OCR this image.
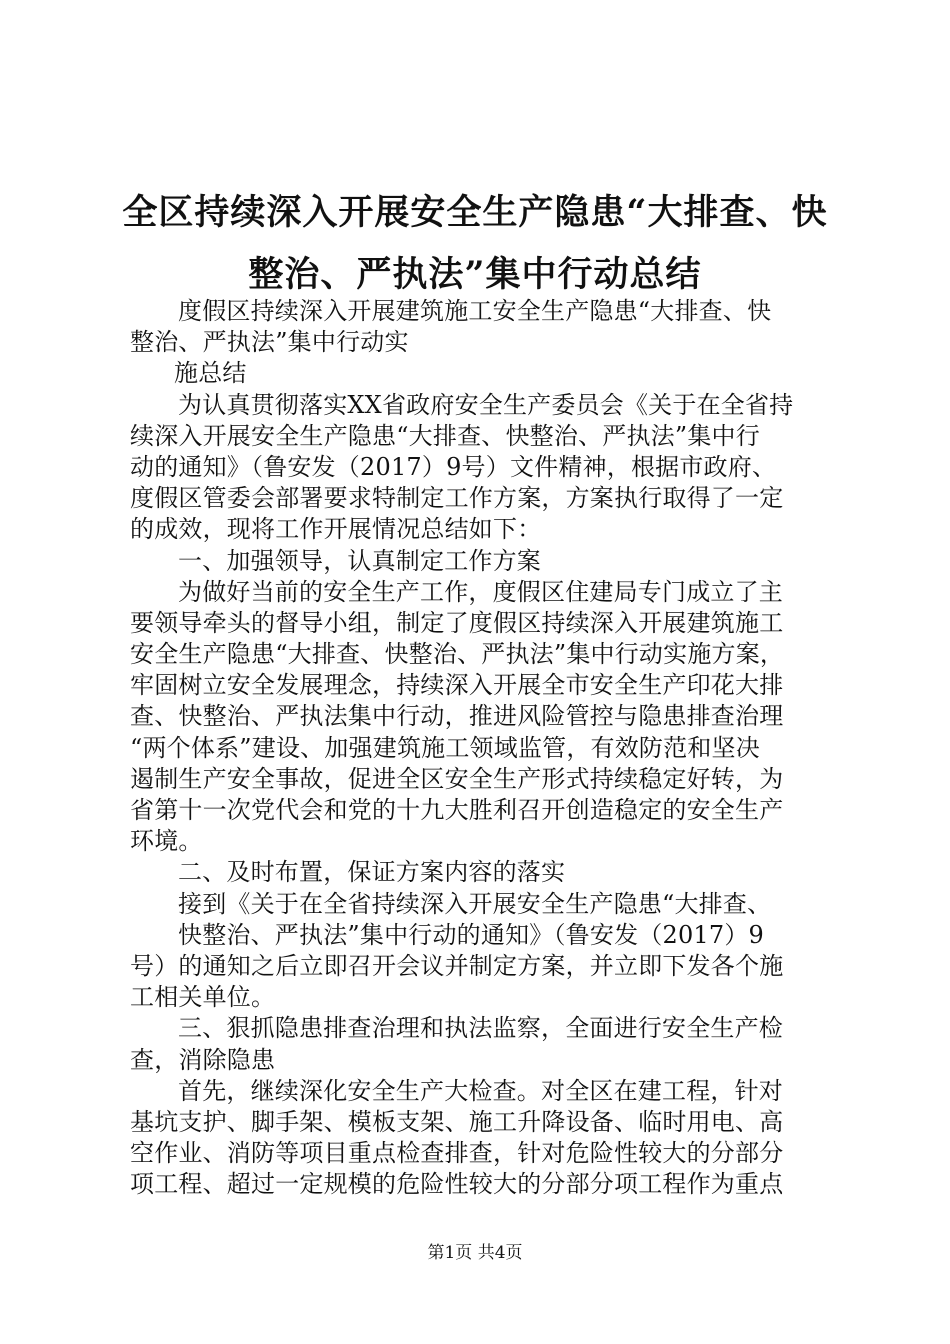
全区持续深入开展安全生产隐患“大排查、快
整治、严执法”集中行动总结
度假区持续深入开展建筑施工安全生产隐患“大排查、快
整治、严执法”集中行动实
施总结
为认真贯彻落实XX省政府安全生产委员会《关于在全省持
续深入开展安全生产隐患“大排查、快整治、严执法”集中行
动的通知》（鲁安发（2017）9号）文件精神，根据市政府、
度假区管委会部署要求特制定工作方案，方案执行取得了一定
的成效，现将工作开展情况总结如下：
一、加强领导，认真制定工作方案
为做好当前的安全生产工作，度假区住建局专门成立了主
要领导牵头的督导小组，制定了度假区持续深入开展建筑施工
安全生产隐患“大排查、快整治、严执法”集中行动实施方案，
牢固树立安全发展理念，持续深入开展全市安全生产印花大排
查、快整治、严执法集中行动，推进风险管控与隐患排查治理
“两个体系”建设、加强建筑施工领域监管，有效防范和坚决
遏制生产安全事故，促进全区安全生产形式持续稳定好转，为
省第十一次党代会和党的十九大胜利召开创造稳定的安全生产
环境。
二、及时布置，保证方案内容的落实
接到《关于在全省持续深入开展安全生产隐患“大排查、
快整治、严执法”集中行动的通知》（鲁安发（2017）9
号）的通知之后立即召开会议并制定方案，并立即下发各个施
工相关单位。
三、狠抓隐患排查治理和执法监察，全面进行安全生产检
查，消除隐患
首先，继续深化安全生产大检查。对全区在建工程，针对
基坑支护、脚手架、模板支架、施工升降设备、临时用电、高
空作业、消防等项目重点检查排查，针对危险性较大的分部分
项工程、超过一定规模的危险性较大的分部分项工程作为重点
第1页 共4页
